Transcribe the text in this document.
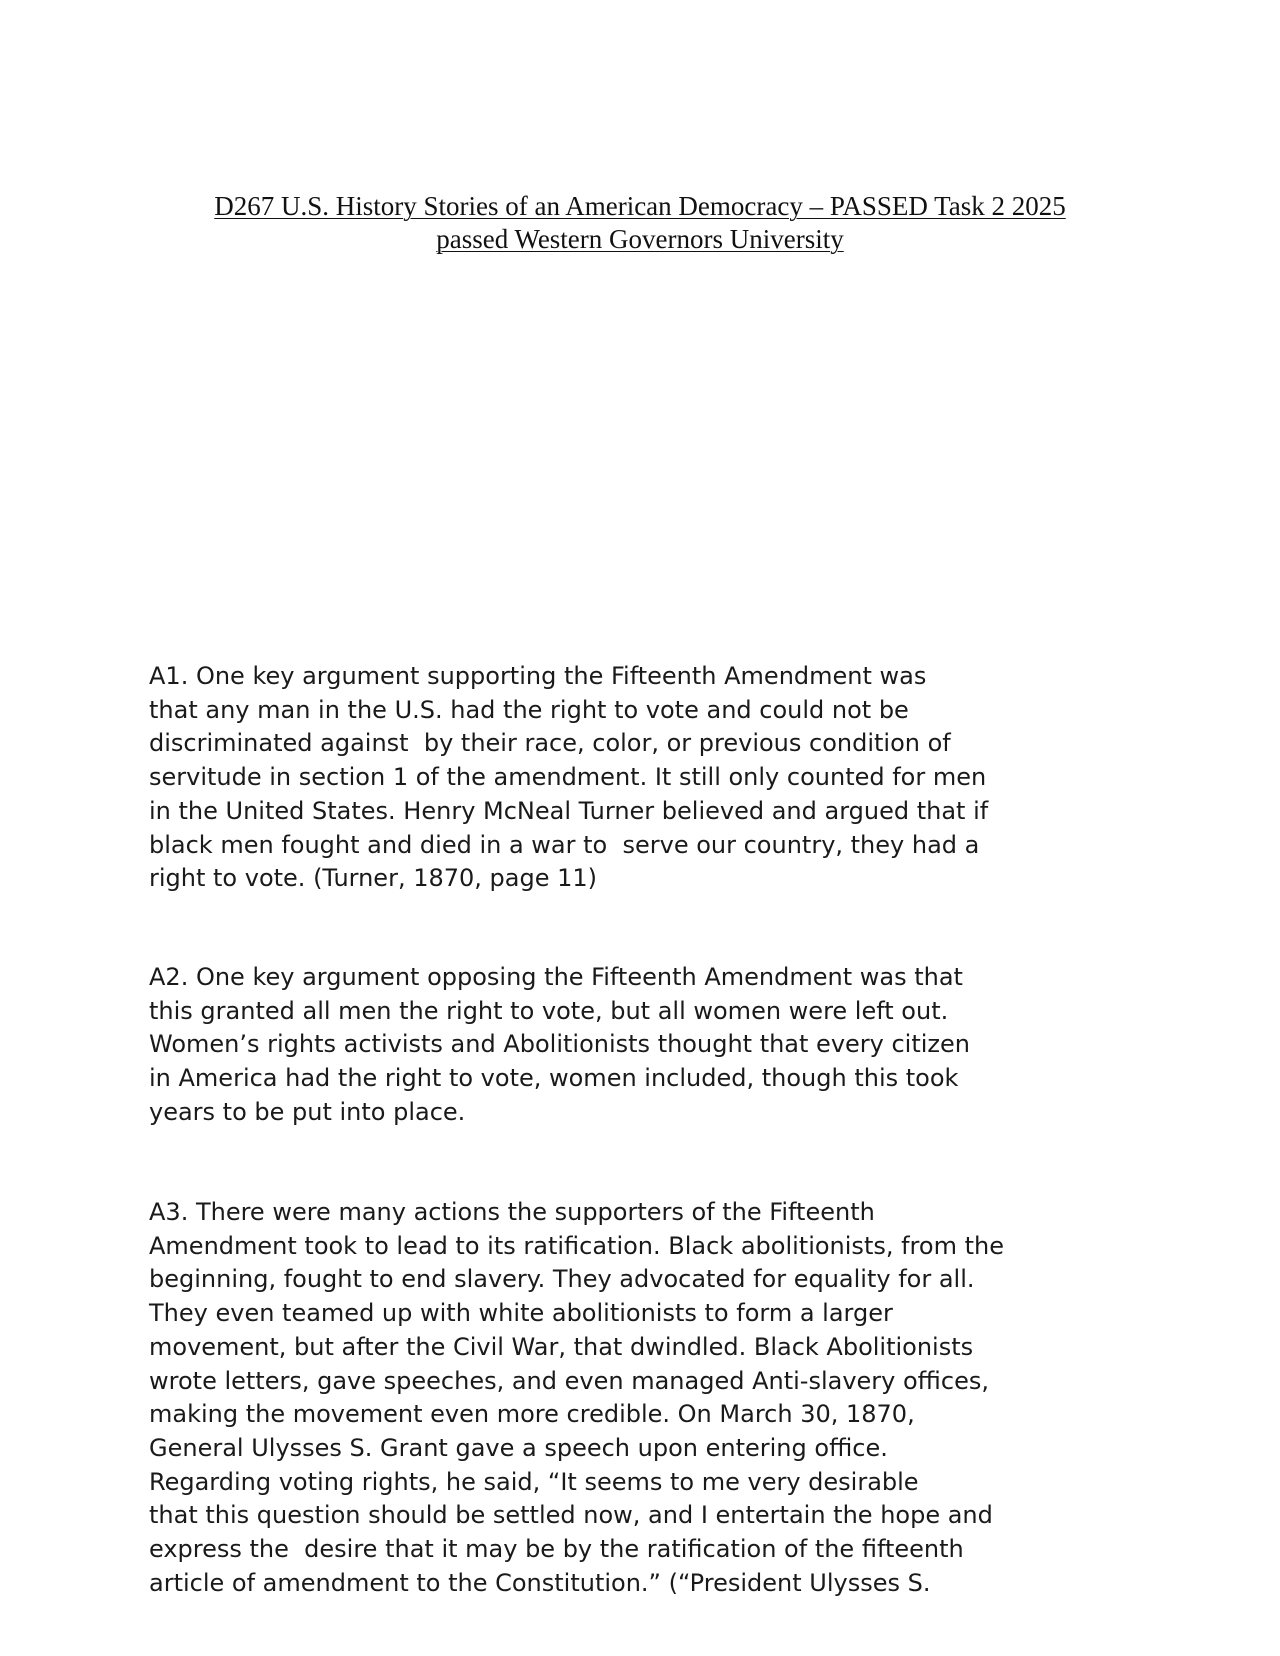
D267 U.S. History Stories of an American Democracy – PASSED Task 2 2025
passed Western Governors University
A1. One key argument supporting the Fifteenth Amendment was
that any man in the U.S. had the right to vote and could not be
discriminated against  by their race, color, or previous condition of
servitude in section 1 of the amendment. It still only counted for men
in the United States. Henry McNeal Turner believed and argued that if
black men fought and died in a war to  serve our country, they had a
right to vote. (Turner, 1870, page 11)
A2. One key argument opposing the Fifteenth Amendment was that
this granted all men the right to vote, but all women were left out.
Women’s rights activists and Abolitionists thought that every citizen
in America had the right to vote, women included, though this took
years to be put into place.
A3. There were many actions the supporters of the Fifteenth
Amendment took to lead to its ratification. Black abolitionists, from the
beginning, fought to end slavery. They advocated for equality for all.
They even teamed up with white abolitionists to form a larger
movement, but after the Civil War, that dwindled. Black Abolitionists
wrote letters, gave speeches, and even managed Anti-slavery oﬃces,
making the movement even more credible. On March 30, 1870,
General Ulysses S. Grant gave a speech upon entering oﬃce.
Regarding voting rights, he said, “It seems to me very desirable
that this question should be settled now, and I entertain the hope and
express the  desire that it may be by the ratification of the fifteenth
article of amendment to the Constitution.” (“President Ulysses S.
